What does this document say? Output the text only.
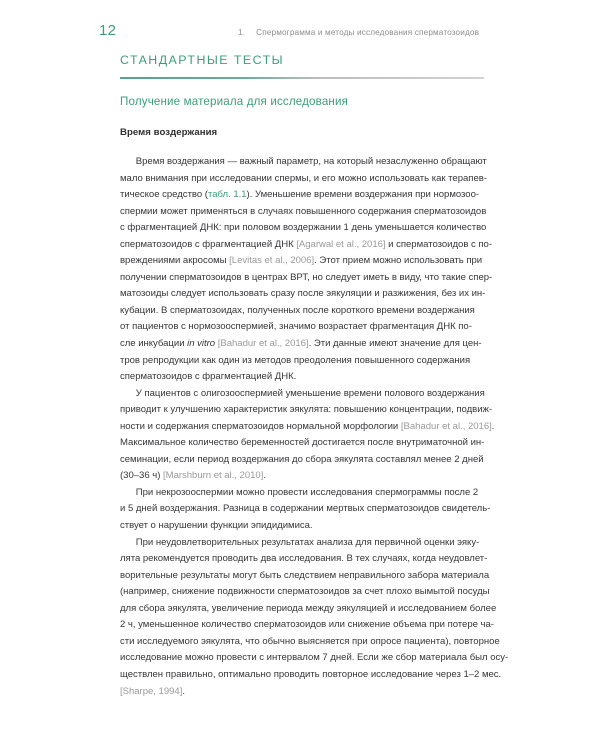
12	1. Спермограмма и методы исследования сперматозоидов
СТАНДАРТНЫЕ ТЕСТЫ
Получение материала для исследования
Время воздержания
Время воздержания — важный параметр, на который незаслуженно обращают
мало внимания при исследовании спермы, и его можно использовать как терапев-
тическое средство (табл. 1.1). Уменьшение времени воздержания при нормозоо-
спермии может применяться в случаях повышенного содержания сперматозоидов
с фрагментацией ДНК: при половом воздержании 1 день уменьшается количество
сперматозоидов с фрагментацией ДНК [Agarwal et al., 2016] и сперматозоидов с по-
вреждениями акросомы [Levitas et al., 2006]. Этот прием можно использовать при
получении сперматозоидов в центрах ВРТ, но следует иметь в виду, что такие спер-
матозоиды следует использовать сразу после эякуляции и разжижения, без их ин-
кубации. В сперматозоидах, полученных после короткого времени воздержания
от пациентов с нормозооспермией, значимо возрастает фрагментация ДНК по-
сле инкубации in vitro [Bahadur et al., 2016]. Эти данные имеют значение для цен-
тров репродукции как один из методов преодоления повышенного содержания
сперматозоидов с фрагментацией ДНК.
У пациентов с олигозооспермией уменьшение времени полового воздержания
приводит к улучшению характеристик эякулята: повышению концентрации, подвиж-
ности и содержания сперматозоидов нормальной морфологии [Bahadur et al., 2016].
Максимальное количество беременностей достигается после внутриматочной ин-
семинации, если период воздержания до сбора эякулята составлял менее 2 дней
(30–36 ч) [Marshburn et al., 2010].
При некрозооспермии можно провести исследования спермограммы после 2
и 5 дней воздержания. Разница в содержании мертвых сперматозоидов свидетель-
ствует о нарушении функции эпидидимиса.
При неудовлетворительных результатах анализа для первичной оценки эяку-
лята рекомендуется проводить два исследования. В тех случаях, когда неудовлет-
ворительные результаты могут быть следствием неправильного забора материала
(например, снижение подвижности сперматозоидов за счет плохо вымытой посуды
для сбора эякулята, увеличение периода между эякуляцией и исследованием более
2 ч, уменьшенное количество сперматозоидов или снижение объема при потере ча-
сти исследуемого эякулята, что обычно выясняется при опросе пациента), повторное
исследование можно провести с интервалом 7 дней. Если же сбор материала был осу-
ществлен правильно, оптимально проводить повторное исследование через 1–2 мес.
[Sharpe, 1994].
